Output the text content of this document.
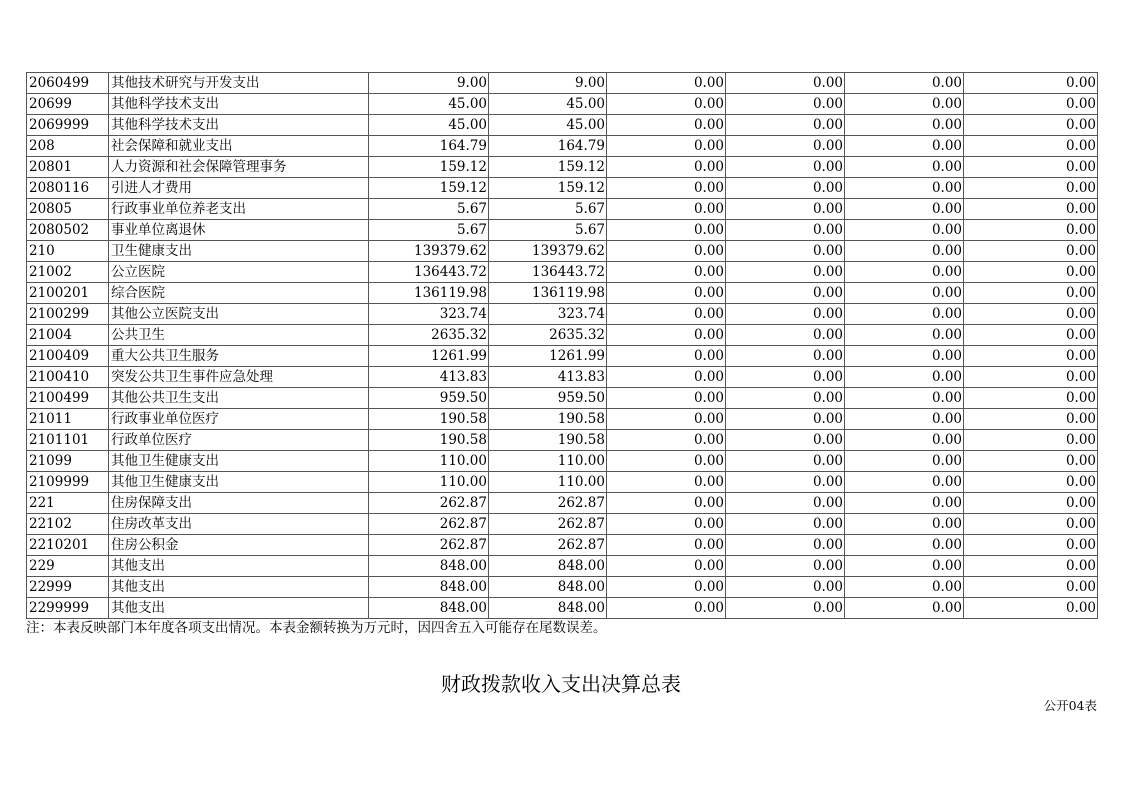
2060499	其他技术研究与开发支出	9.00	9.00	0.00	0.00	0.00	0.00
20699	其他科学技术支出	45.00	45.00	0.00	0.00	0.00	0.00
2069999	其他科学技术支出	45.00	45.00	0.00	0.00	0.00	0.00
208	社会保障和就业支出	164.79	164.79	0.00	0.00	0.00	0.00
20801	人力资源和社会保障管理事务	159.12	159.12	0.00	0.00	0.00	0.00
2080116	引进人才费用	159.12	159.12	0.00	0.00	0.00	0.00
20805	行政事业单位养老支出	5.67	5.67	0.00	0.00	0.00	0.00
2080502	事业单位离退休	5.67	5.67	0.00	0.00	0.00	0.00
210	卫生健康支出	139379.62	139379.62	0.00	0.00	0.00	0.00
21002	公立医院	136443.72	136443.72	0.00	0.00	0.00	0.00
2100201	综合医院	136119.98	136119.98	0.00	0.00	0.00	0.00
2100299	其他公立医院支出	323.74	323.74	0.00	0.00	0.00	0.00
21004	公共卫生	2635.32	2635.32	0.00	0.00	0.00	0.00
2100409	重大公共卫生服务	1261.99	1261.99	0.00	0.00	0.00	0.00
2100410	突发公共卫生事件应急处理	413.83	413.83	0.00	0.00	0.00	0.00
2100499	其他公共卫生支出	959.50	959.50	0.00	0.00	0.00	0.00
21011	行政事业单位医疗	190.58	190.58	0.00	0.00	0.00	0.00
2101101	行政单位医疗	190.58	190.58	0.00	0.00	0.00	0.00
21099	其他卫生健康支出	110.00	110.00	0.00	0.00	0.00	0.00
2109999	其他卫生健康支出	110.00	110.00	0.00	0.00	0.00	0.00
221	住房保障支出	262.87	262.87	0.00	0.00	0.00	0.00
22102	住房改革支出	262.87	262.87	0.00	0.00	0.00	0.00
2210201	住房公积金	262.87	262.87	0.00	0.00	0.00	0.00
229	其他支出	848.00	848.00	0.00	0.00	0.00	0.00
22999	其他支出	848.00	848.00	0.00	0.00	0.00	0.00
2299999	其他支出	848.00	848.00	0.00	0.00	0.00	0.00
注：本表反映部门本年度各项支出情况。本表金额转换为万元时，因四舍五入可能存在尾数误差。
财政拨款收入支出决算总表
公开04表
